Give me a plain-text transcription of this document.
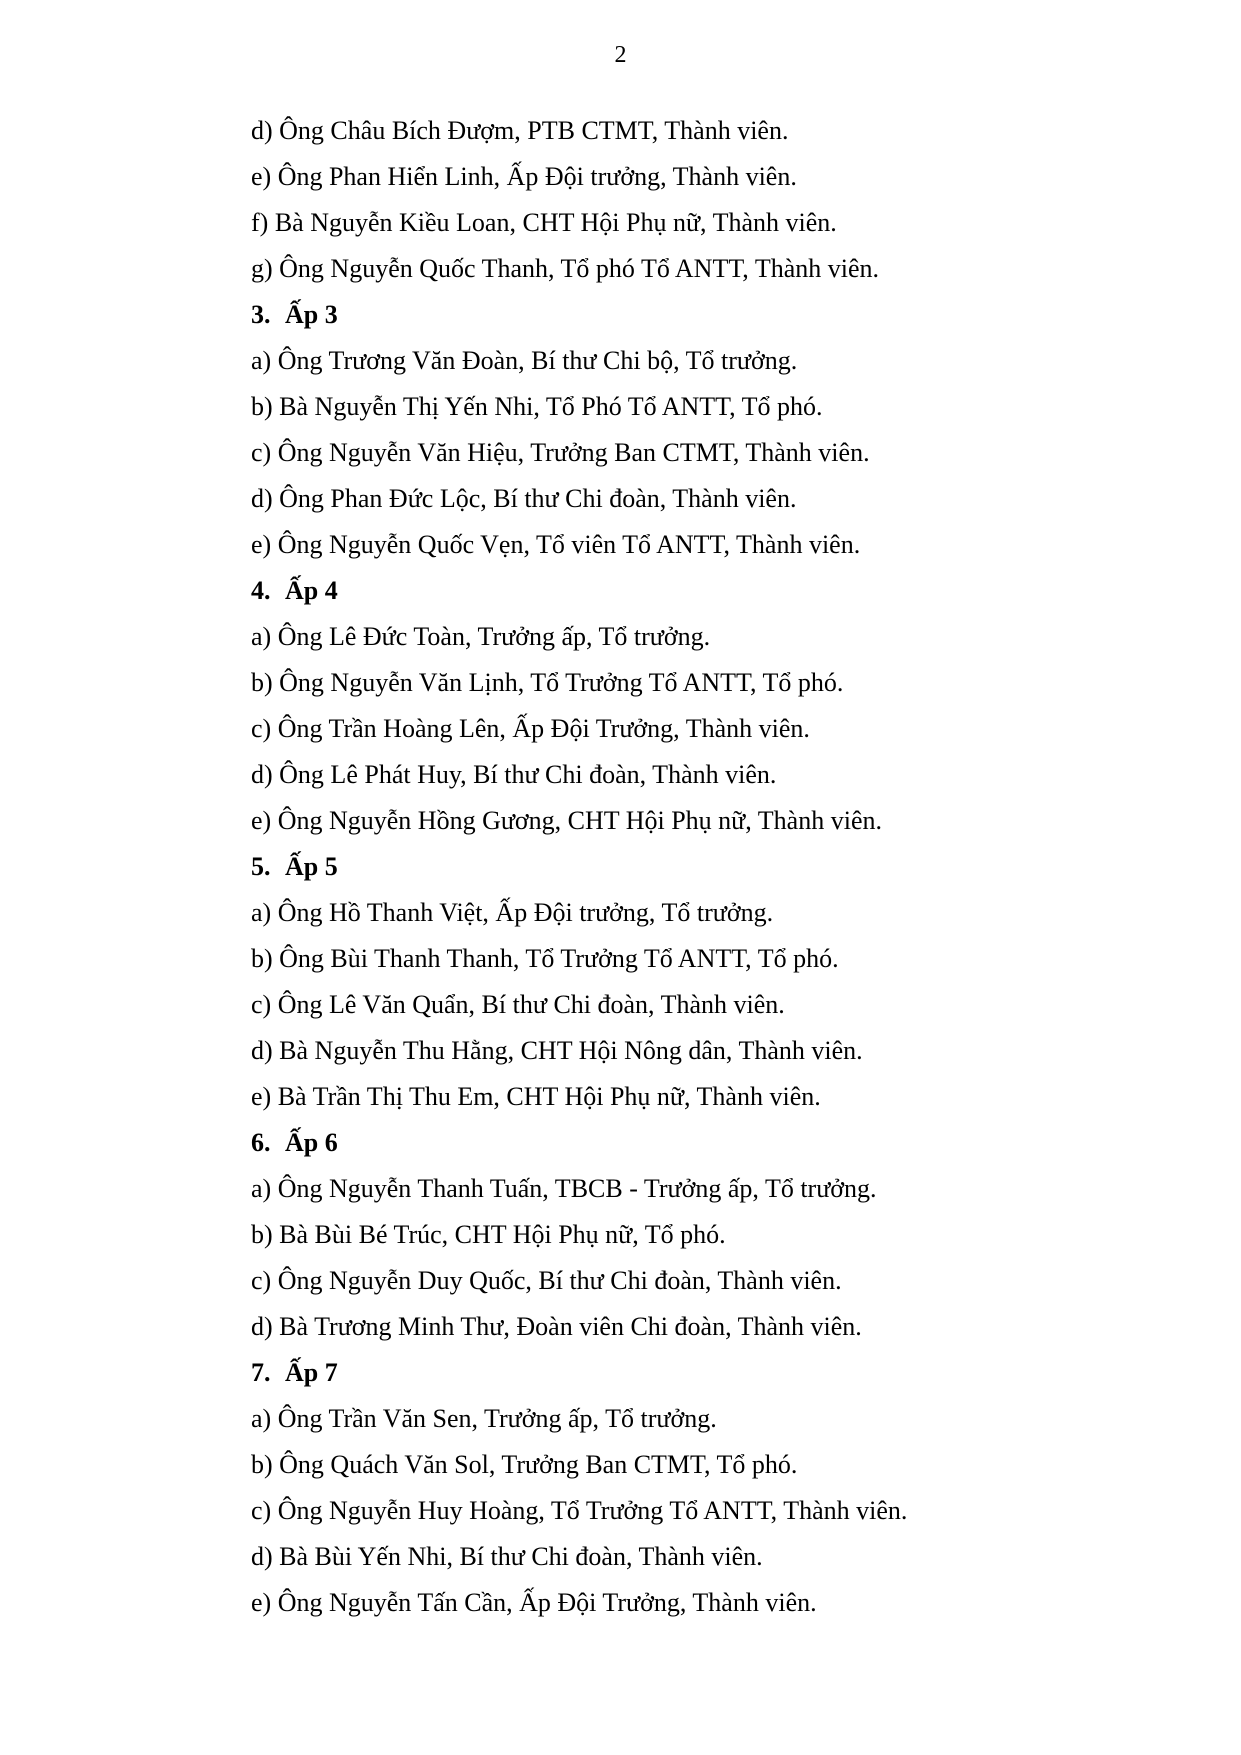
2
d) Ông Châu Bích Đượm, PTB CTMT, Thành viên.
e) Ông Phan Hiển Linh, Ấp Đội trưởng, Thành viên.
f) Bà Nguyễn Kiều Loan, CHT Hội Phụ nữ, Thành viên.
g) Ông Nguyễn Quốc Thanh, Tổ phó Tổ ANTT, Thành viên.
3. Ấp 3
a) Ông Trương Văn Đoàn, Bí thư Chi bộ, Tổ trưởng.
b) Bà Nguyễn Thị Yến Nhi, Tổ Phó Tổ ANTT, Tổ phó.
c) Ông Nguyễn Văn Hiệu, Trưởng Ban CTMT, Thành viên.
d) Ông Phan Đức Lộc, Bí thư Chi đoàn, Thành viên.
e) Ông Nguyễn Quốc Vẹn, Tổ viên Tổ ANTT, Thành viên.
4. Ấp 4
a) Ông Lê Đức Toàn, Trưởng ấp, Tổ trưởng.
b) Ông Nguyễn Văn Lịnh, Tổ Trưởng Tổ ANTT, Tổ phó.
c) Ông Trần Hoàng Lên, Ấp Đội Trưởng, Thành viên.
d) Ông Lê Phát Huy, Bí thư Chi đoàn, Thành viên.
e) Ông Nguyễn Hồng Gương, CHT Hội Phụ nữ, Thành viên.
5. Ấp 5
a) Ông Hồ Thanh Việt, Ấp Đội trưởng, Tổ trưởng.
b) Ông Bùi Thanh Thanh, Tổ Trưởng Tổ ANTT, Tổ phó.
c) Ông Lê Văn Quẩn, Bí thư Chi đoàn, Thành viên.
d) Bà Nguyễn Thu Hằng, CHT Hội Nông dân, Thành viên.
e) Bà Trần Thị Thu Em, CHT Hội Phụ nữ, Thành viên.
6. Ấp 6
a) Ông Nguyễn Thanh Tuấn, TBCB - Trưởng ấp, Tổ trưởng.
b) Bà Bùi Bé Trúc, CHT Hội Phụ nữ, Tổ phó.
c) Ông Nguyễn Duy Quốc, Bí thư Chi đoàn, Thành viên.
d) Bà Trương Minh Thư, Đoàn viên Chi đoàn, Thành viên.
7. Ấp 7
a) Ông Trần Văn Sen, Trưởng ấp, Tổ trưởng.
b) Ông Quách Văn Sol, Trưởng Ban CTMT, Tổ phó.
c) Ông Nguyễn Huy Hoàng, Tổ Trưởng Tổ ANTT, Thành viên.
d) Bà Bùi Yến Nhi, Bí thư Chi đoàn, Thành viên.
e) Ông Nguyễn Tấn Cần, Ấp Đội Trưởng, Thành viên.
